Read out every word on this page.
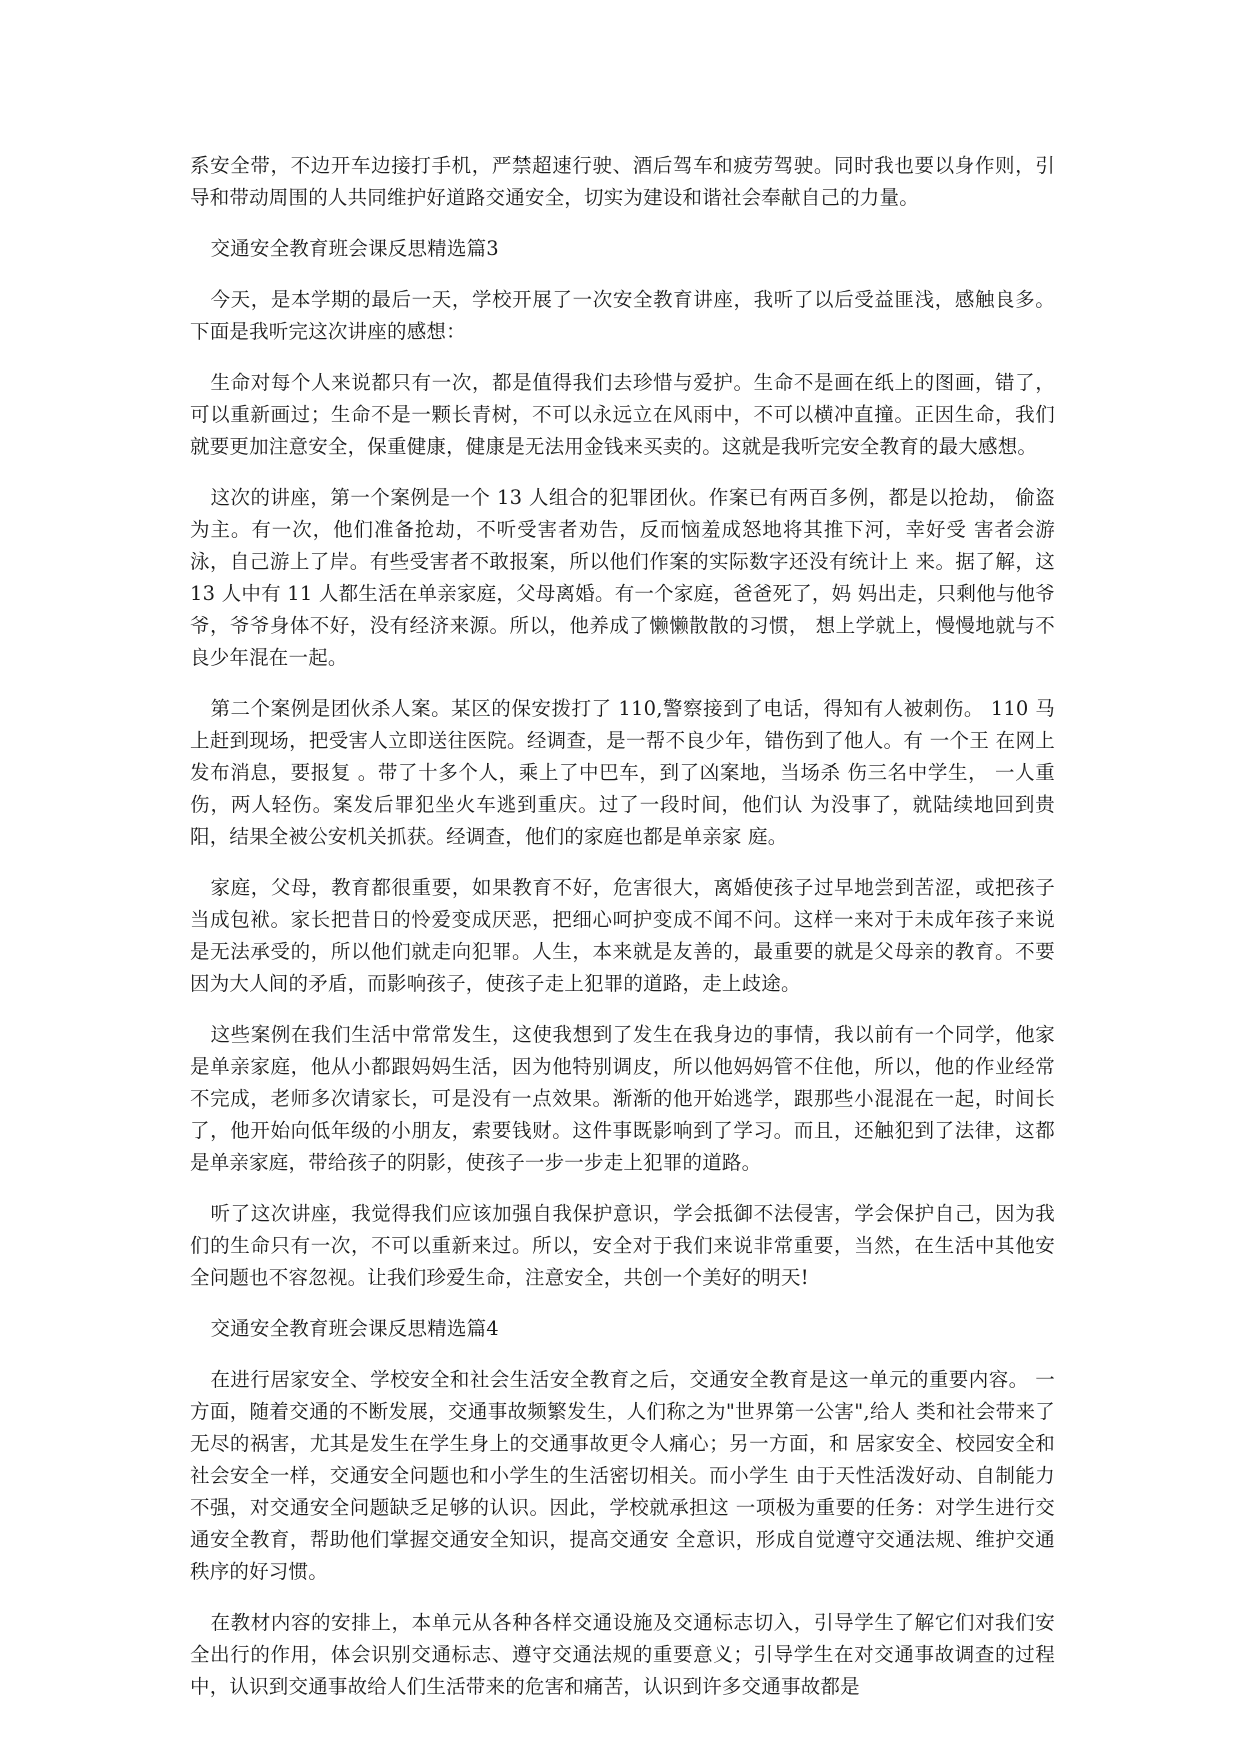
系安全带，不边开车边接打手机，严禁超速行驶、酒后驾车和疲劳驾驶。同时我也要以身作则，引导和带动周围的人共同维护好道路交通安全，切实为建设和谐社会奉献自己的力量。

交通安全教育班会课反思精选篇3

今天，是本学期的最后一天，学校开展了一次安全教育讲座，我听了以后受益匪浅，感触良多。下面是我听完这次讲座的感想：

生命对每个人来说都只有一次，都是值得我们去珍惜与爱护。生命不是画在纸上的图画，错了，可以重新画过；生命不是一颗长青树，不可以永远立在风雨中，不可以横冲直撞。正因生命，我们就要更加注意安全，保重健康，健康是无法用金钱来买卖的。这就是我听完安全教育的最大感想。

这次的讲座，第一个案例是一个 13 人组合的犯罪团伙。作案已有两百多例，都是以抢劫， 偷盗为主。有一次，他们准备抢劫，不听受害者劝告，反而恼羞成怒地将其推下河，幸好受 害者会游泳，自己游上了岸。有些受害者不敢报案，所以他们作案的实际数字还没有统计上 来。据了解，这 13 人中有 11 人都生活在单亲家庭，父母离婚。有一个家庭，爸爸死了，妈 妈出走，只剩他与他爷爷，爷爷身体不好，没有经济来源。所以，他养成了懒懒散散的习惯， 想上学就上，慢慢地就与不良少年混在一起。

第二个案例是团伙杀人案。某区的保安拨打了 110,警察接到了电话，得知有人被刺伤。 110 马上赶到现场，把受害人立即送往医院。经调查，是一帮不良少年，错伤到了他人。有 一个王 在网上发布消息，要报复 。带了十多个人，乘上了中巴车，到了凶案地，当场杀 伤三名中学生， 一人重伤，两人轻伤。案发后罪犯坐火车逃到重庆。过了一段时间，他们认 为没事了，就陆续地回到贵阳，结果全被公安机关抓获。经调查，他们的家庭也都是单亲家 庭。

家庭，父母，教育都很重要，如果教育不好，危害很大，离婚使孩子过早地尝到苦涩，或把孩子当成包袱。家长把昔日的怜爱变成厌恶，把细心呵护变成不闻不问。这样一来对于未成年孩子来说是无法承受的，所以他们就走向犯罪。人生，本来就是友善的，最重要的就是父母亲的教育。不要因为大人间的矛盾，而影响孩子，使孩子走上犯罪的道路，走上歧途。

这些案例在我们生活中常常发生，这使我想到了发生在我身边的事情，我以前有一个同学，他家是单亲家庭，他从小都跟妈妈生活，因为他特别调皮，所以他妈妈管不住他，所以，他的作业经常不完成，老师多次请家长，可是没有一点效果。渐渐的他开始逃学，跟那些小混混在一起，时间长了，他开始向低年级的小朋友，索要钱财。这件事既影响到了学习。而且，还触犯到了法律，这都是单亲家庭，带给孩子的阴影，使孩子一步一步走上犯罪的道路。

听了这次讲座，我觉得我们应该加强自我保护意识，学会抵御不法侵害，学会保护自己，因为我们的生命只有一次，不可以重新来过。所以，安全对于我们来说非常重要，当然，在生活中其他安全问题也不容忽视。让我们珍爱生命，注意安全，共创一个美好的明天!

交通安全教育班会课反思精选篇4

在进行居家安全、学校安全和社会生活安全教育之后，交通安全教育是这一单元的重要内容。 一方面，随着交通的不断发展，交通事故频繁发生，人们称之为"世界第一公害",给人 类和社会带来了无尽的祸害，尤其是发生在学生身上的交通事故更令人痛心；另一方面，和 居家安全、校园安全和社会安全一样，交通安全问题也和小学生的生活密切相关。而小学生 由于天性活泼好动、自制能力不强，对交通安全问题缺乏足够的认识。因此，学校就承担这 一项极为重要的任务：对学生进行交通安全教育，帮助他们掌握交通安全知识，提高交通安 全意识，形成自觉遵守交通法规、维护交通秩序的好习惯。

在教材内容的安排上，本单元从各种各样交通设施及交通标志切入，引导学生了解它们对我们安全出行的作用，体会识别交通标志、遵守交通法规的重要意义；引导学生在对交通事故调查的过程中，认识到交通事故给人们生活带来的危害和痛苦，认识到许多交通事故都是
